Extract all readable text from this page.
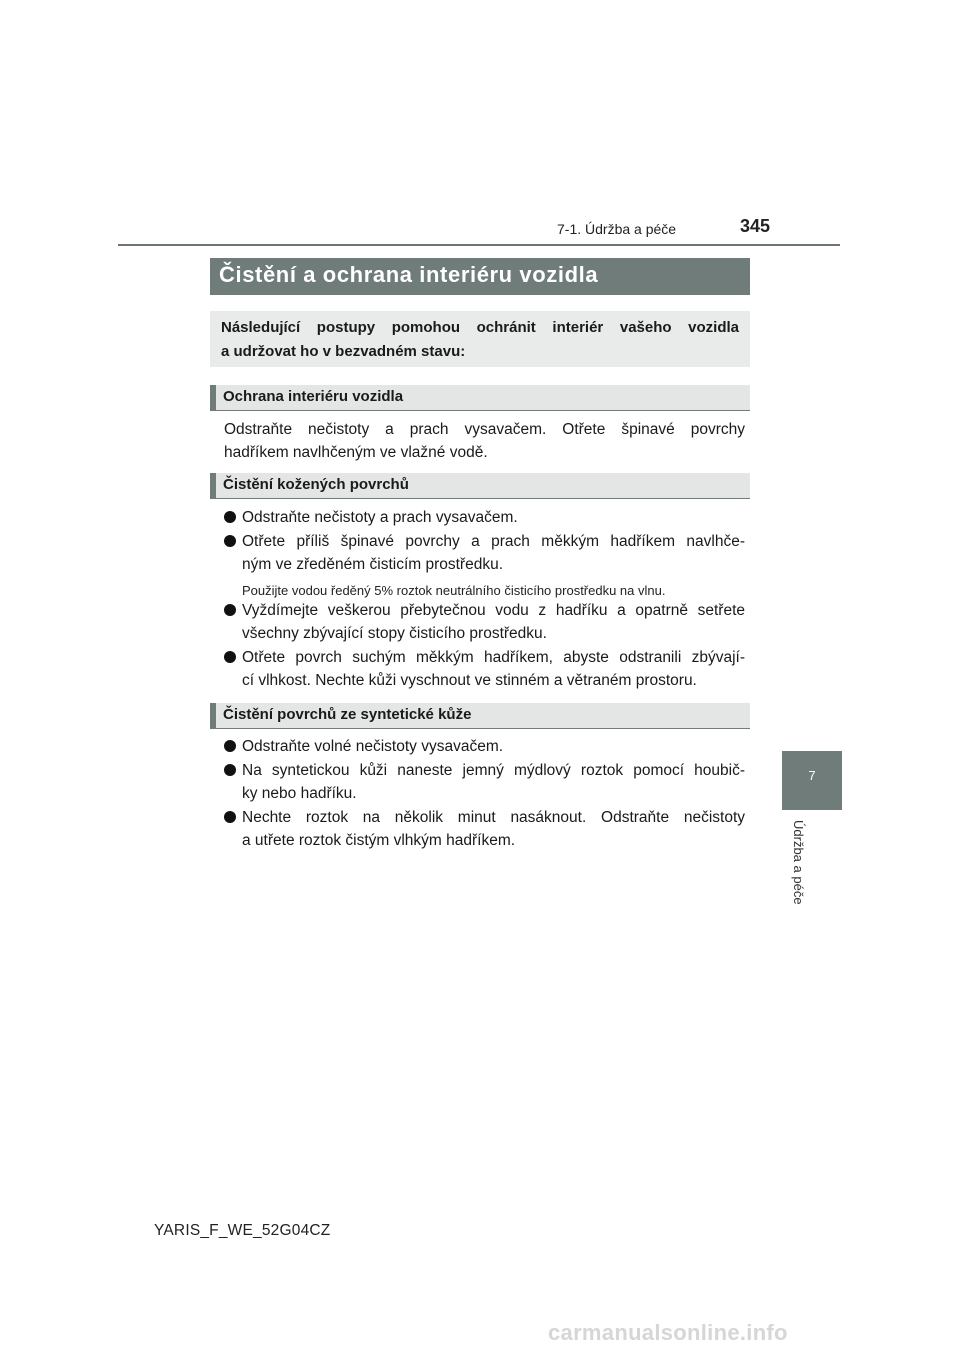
7-1. Údržba a péče	345
Čistění a ochrana interiéru vozidla
Následující postupy pomohou ochránit interiér vašeho vozidla
a udržovat ho v bezvadném stavu:
Ochrana interiéru vozidla
Odstraňte nečistoty a prach vysavačem. Otřete špinavé povrchy
hadříkem navlhčeným ve vlažné vodě.
Čistění kožených povrchů
Odstraňte nečistoty a prach vysavačem.
Otřete příliš špinavé povrchy a prach měkkým hadříkem navlhče-
ným ve zředěném čisticím prostředku.
Použijte vodou ředěný 5% roztok neutrálního čisticího prostředku na vlnu.
Vyždímejte veškerou přebytečnou vodu z hadříku a opatrně setřete
všechny zbývající stopy čisticího prostředku.
Otřete povrch suchým měkkým hadříkem, abyste odstranili zbývají-
cí vlhkost. Nechte kůži vyschnout ve stinném a větraném prostoru.
Čistění povrchů ze syntetické kůže
Odstraňte volné nečistoty vysavačem.
Na syntetickou kůži naneste jemný mýdlový roztok pomocí houbič-
ky nebo hadříku.
Nechte roztok na několik minut nasáknout. Odstraňte nečistoty
a utřete roztok čistým vlhkým hadříkem.
7
Údržba a péče
YARIS_F_WE_52G04CZ
carmanualsonline.info
